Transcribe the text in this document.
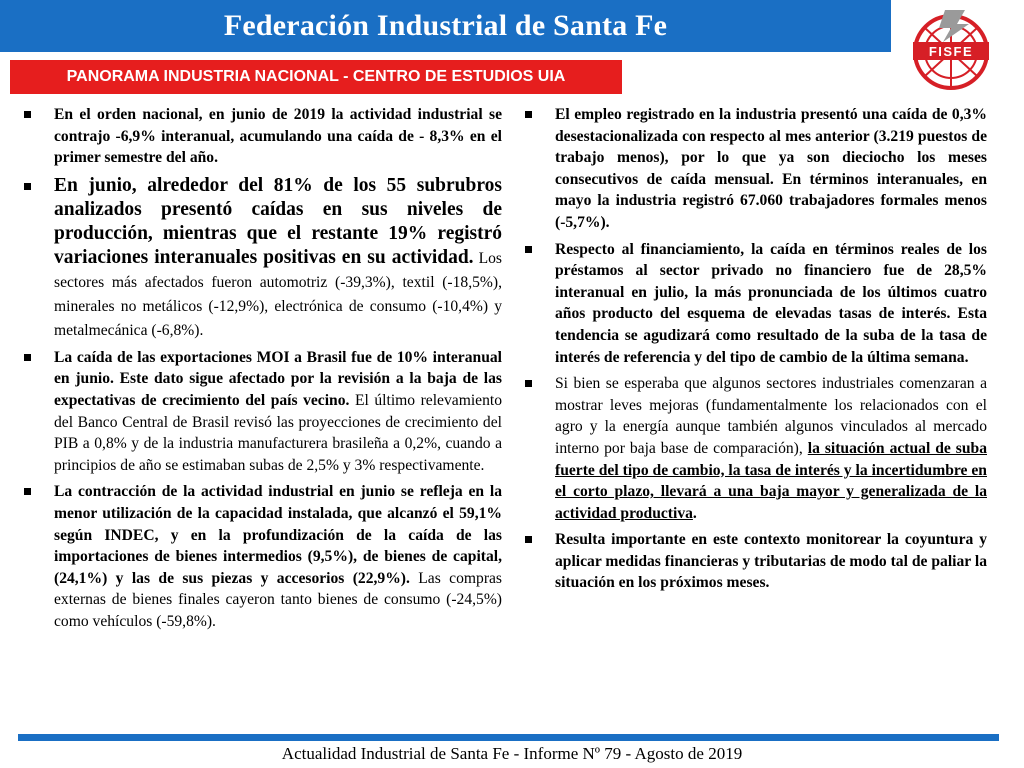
Federación Industrial de Santa Fe
PANORAMA INDUSTRIA NACIONAL - CENTRO DE ESTUDIOS UIA
FISFE
En el orden nacional, en junio de 2019 la actividad industrial se contrajo -6,9% interanual, acumulando una caída de - 8,3% en el primer semestre del año.
En junio, alrededor del 81% de los 55 subrubros analizados presentó caídas en sus niveles de producción, mientras que el restante 19% registró variaciones interanuales positivas en su actividad. Los sectores más afectados fueron automotriz (-39,3%), textil (-18,5%), minerales no metálicos (-12,9%), electrónica de consumo (-10,4%) y metalmecánica (-6,8%).
La caída de las exportaciones MOI a Brasil fue de 10% interanual en junio. Este dato sigue afectado por la revisión a la baja de las expectativas de crecimiento del país vecino. El último relevamiento del Banco Central de Brasil revisó las proyecciones de crecimiento del PIB a 0,8% y de la industria manufacturera brasileña a 0,2%, cuando a principios de año se estimaban subas de 2,5% y 3% respectivamente.
La contracción de la actividad industrial en junio se refleja en la menor utilización de la capacidad instalada, que alcanzó el 59,1% según INDEC, y en la profundización de la caída de las importaciones de bienes intermedios (9,5%), de bienes de capital, (24,1%) y las de sus piezas y accesorios (22,9%). Las compras externas de bienes finales cayeron tanto bienes de consumo (-24,5%) como vehículos (-59,8%).
El empleo registrado en la industria presentó una caída de 0,3% desestacionalizada con respecto al mes anterior (3.219 puestos de trabajo menos), por lo que ya son dieciocho los meses consecutivos de caída mensual. En términos interanuales, en mayo la industria registró 67.060 trabajadores formales menos (-5,7%).
Respecto al financiamiento, la caída en términos reales de los préstamos al sector privado no financiero fue de 28,5% interanual en julio, la más pronunciada de los últimos cuatro años producto del esquema de elevadas tasas de interés. Esta tendencia se agudizará como resultado de la suba de la tasa de interés de referencia y del tipo de cambio de la última semana.
Si bien se esperaba que algunos sectores industriales comenzaran a mostrar leves mejoras (fundamentalmente los relacionados con el agro y la energía aunque también algunos vinculados al mercado interno por baja base de comparación), la situación actual de suba fuerte del tipo de cambio, la tasa de interés y la incertidumbre en el corto plazo, llevará a una baja mayor y generalizada de la actividad productiva.
Resulta importante en este contexto monitorear la coyuntura y aplicar medidas financieras y tributarias de modo tal de paliar la situación en los próximos meses.
Actualidad Industrial de Santa Fe - Informe Nº 79 - Agosto de 2019
